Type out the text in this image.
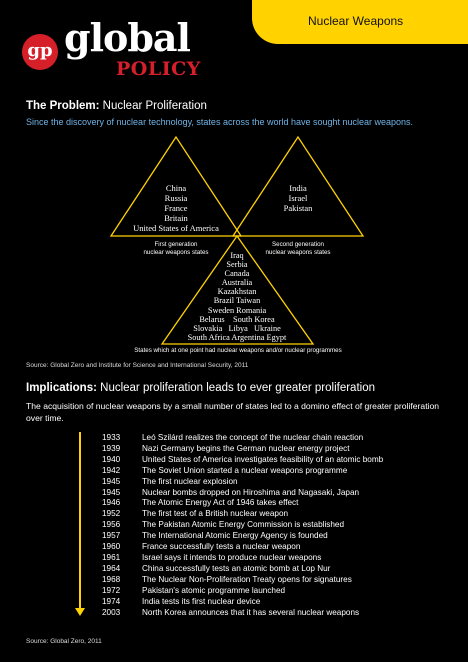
Nuclear Weapons
gp global
POLICY
The Problem: Nuclear Proliferation
Since the discovery of nuclear technology, states across the world have sought nuclear weapons.
China
Russia
France
Britain
United States of America
First generation
nuclear weapons states
India
Israel
Pakistan
Second generation
nuclear weapons states
Iraq
Serbia
Canada
Australia
Kazakhstan
Brazil Taiwan
Sweden Romania
Belarus    South Korea
Slovakia   Libya   Ukraine
South Africa Argentina Egypt
States which at one point had nuclear weapons and/or nuclear programmes
Source: Global Zero and Institute for Science and International Security, 2011
Implications: Nuclear proliferation leads to ever greater proliferation
The acquisition of nuclear weapons by a small number of states led to a domino effect of greater proliferation over time.
1933	Leó Szilárd realizes the concept of the nuclear chain reaction
1939	Nazi Germany begins the German nuclear energy project
1940	United States of America investigates feasibility of an atomic bomb
1942	The Soviet Union started a nuclear weapons programme
1945	The first nuclear explosion
1945	Nuclear bombs dropped on Hiroshima and Nagasaki, Japan
1946	The Atomic Energy Act of 1946 takes effect
1952	The first test of a British nuclear weapon
1956	The Pakistan Atomic Energy Commission is established
1957	The International Atomic Energy Agency is founded
1960	France successfully tests a nuclear weapon
1961	Israel says it intends to produce nuclear weapons
1964	China successfully tests an atomic bomb at Lop Nur
1968	The Nuclear Non-Proliferation Treaty opens for signatures
1972	Pakistan's atomic programme launched
1974	India tests its first nuclear device
2003	North Korea announces that it has several nuclear weapons
Source: Global Zero, 2011
